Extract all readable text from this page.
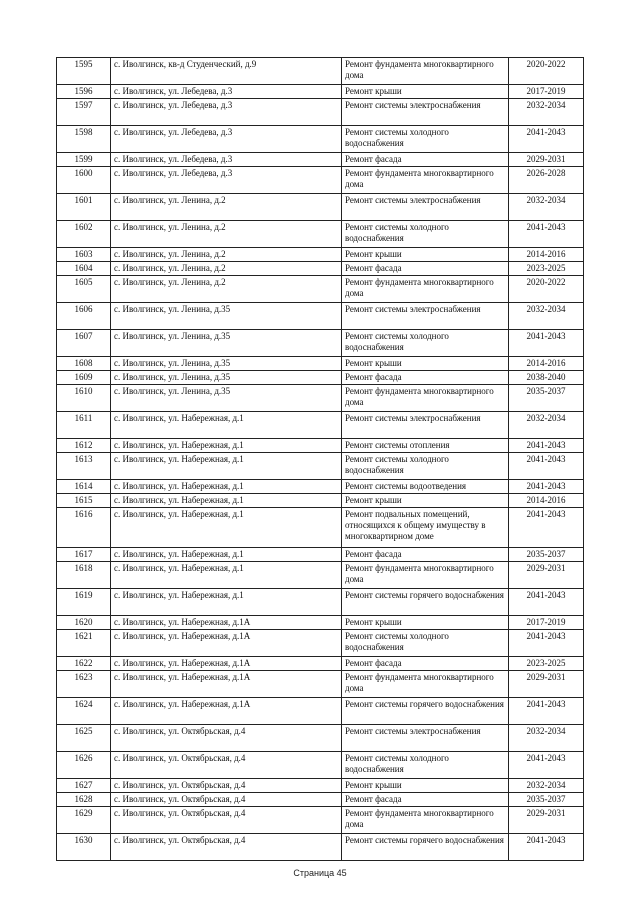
1595	с. Иволгинск, кв-д Студенческий, д.9	Ремонт фундамента многоквартирного дома	2020-2022
1596	с. Иволгинск, ул. Лебедева, д.3	Ремонт крыши	2017-2019
1597	с. Иволгинск, ул. Лебедева, д.3	Ремонт системы электроснабжения	2032-2034
1598	с. Иволгинск, ул. Лебедева, д.3	Ремонт системы холодного водоснабжения	2041-2043
1599	с. Иволгинск, ул. Лебедева, д.3	Ремонт фасада	2029-2031
1600	с. Иволгинск, ул. Лебедева, д.3	Ремонт фундамента многоквартирного дома	2026-2028
1601	с. Иволгинск, ул. Ленина, д.2	Ремонт системы электроснабжения	2032-2034
1602	с. Иволгинск, ул. Ленина, д.2	Ремонт системы холодного водоснабжения	2041-2043
1603	с. Иволгинск, ул. Ленина, д.2	Ремонт крыши	2014-2016
1604	с. Иволгинск, ул. Ленина, д.2	Ремонт фасада	2023-2025
1605	с. Иволгинск, ул. Ленина, д.2	Ремонт фундамента многоквартирного дома	2020-2022
1606	с. Иволгинск, ул. Ленина, д.35	Ремонт системы электроснабжения	2032-2034
1607	с. Иволгинск, ул. Ленина, д.35	Ремонт системы холодного водоснабжения	2041-2043
1608	с. Иволгинск, ул. Ленина, д.35	Ремонт крыши	2014-2016
1609	с. Иволгинск, ул. Ленина, д.35	Ремонт фасада	2038-2040
1610	с. Иволгинск, ул. Ленина, д.35	Ремонт фундамента многоквартирного дома	2035-2037
1611	с. Иволгинск, ул. Набережная, д.1	Ремонт системы электроснабжения	2032-2034
1612	с. Иволгинск, ул. Набережная, д.1	Ремонт системы отопления	2041-2043
1613	с. Иволгинск, ул. Набережная, д.1	Ремонт системы холодного водоснабжения	2041-2043
1614	с. Иволгинск, ул. Набережная, д.1	Ремонт системы водоотведения	2041-2043
1615	с. Иволгинск, ул. Набережная, д.1	Ремонт крыши	2014-2016
1616	с. Иволгинск, ул. Набережная, д.1	Ремонт подвальных помещений, относящихся к общему имуществу в многоквартирном доме	2041-2043
1617	с. Иволгинск, ул. Набережная, д.1	Ремонт фасада	2035-2037
1618	с. Иволгинск, ул. Набережная, д.1	Ремонт фундамента многоквартирного дома	2029-2031
1619	с. Иволгинск, ул. Набережная, д.1	Ремонт системы горячего водоснабжения	2041-2043
1620	с. Иволгинск, ул. Набережная, д.1А	Ремонт крыши	2017-2019
1621	с. Иволгинск, ул. Набережная, д.1А	Ремонт системы холодного водоснабжения	2041-2043
1622	с. Иволгинск, ул. Набережная, д.1А	Ремонт фасада	2023-2025
1623	с. Иволгинск, ул. Набережная, д.1А	Ремонт фундамента многоквартирного дома	2029-2031
1624	с. Иволгинск, ул. Набережная, д.1А	Ремонт системы горячего водоснабжения	2041-2043
1625	с. Иволгинск, ул. Октябрьская, д.4	Ремонт системы электроснабжения	2032-2034
1626	с. Иволгинск, ул. Октябрьская, д.4	Ремонт системы холодного водоснабжения	2041-2043
1627	с. Иволгинск, ул. Октябрьская, д.4	Ремонт крыши	2032-2034
1628	с. Иволгинск, ул. Октябрьская, д.4	Ремонт фасада	2035-2037
1629	с. Иволгинск, ул. Октябрьская, д.4	Ремонт фундамента многоквартирного дома	2029-2031
1630	с. Иволгинск, ул. Октябрьская, д.4	Ремонт системы горячего водоснабжения	2041-2043
Страница 45
